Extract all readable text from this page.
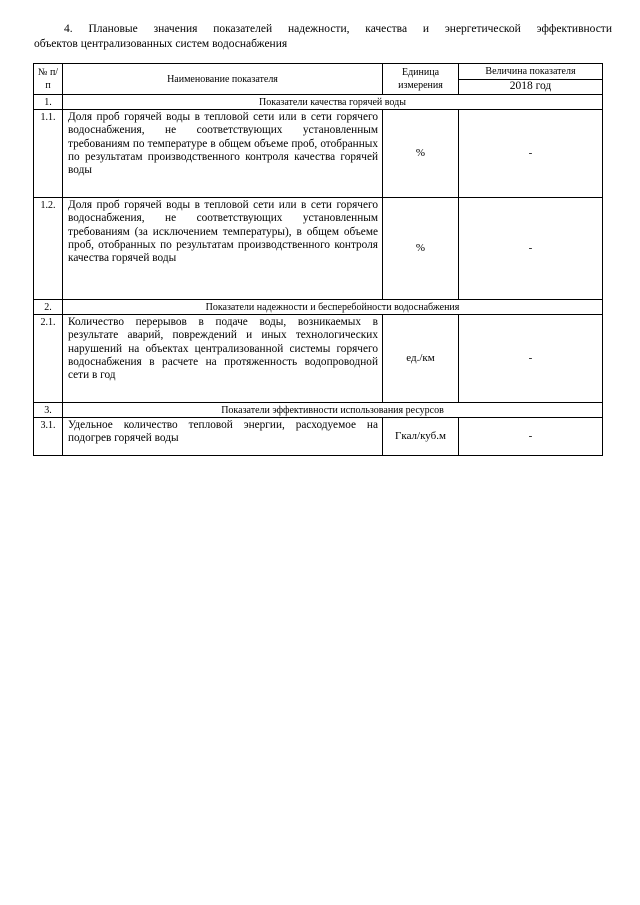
4. Плановые значения показателей надежности, качества и энергетической эффективности
объектов централизованных систем водоснабжения
№ п/п	Наименование показателя	Единица измерения	Величина показателя
			2018 год
1.	Показатели качества горячей воды		
1.1.	Доля проб горячей воды в тепловой сети или в сети горячего водоснабжения, не соответствующих установленным требованиям по температуре в общем объеме проб, отобранных по результатам производственного контроля качества горячей воды	%	-
1.2.	Доля проб горячей воды в тепловой сети или в сети горячего водоснабжения, не соответствующих установленным требованиям (за исключением температуры), в общем объеме проб, отобранных по результатам производственного контроля качества горячей воды	%	-
2.	Показатели надежности и бесперебойности водоснабжения		
2.1.	Количество перерывов в подаче воды, возникаемых в результате аварий, повреждений и иных технологических нарушений на объектах централизованной системы горячего водоснабжения в расчете на протяженность водопроводной сети в год	ед./км	-
3.	Показатели эффективности использования ресурсов		
3.1.	Удельное количество тепловой энергии, расходуемое на подогрев горячей воды	Гкал/куб.м	-
